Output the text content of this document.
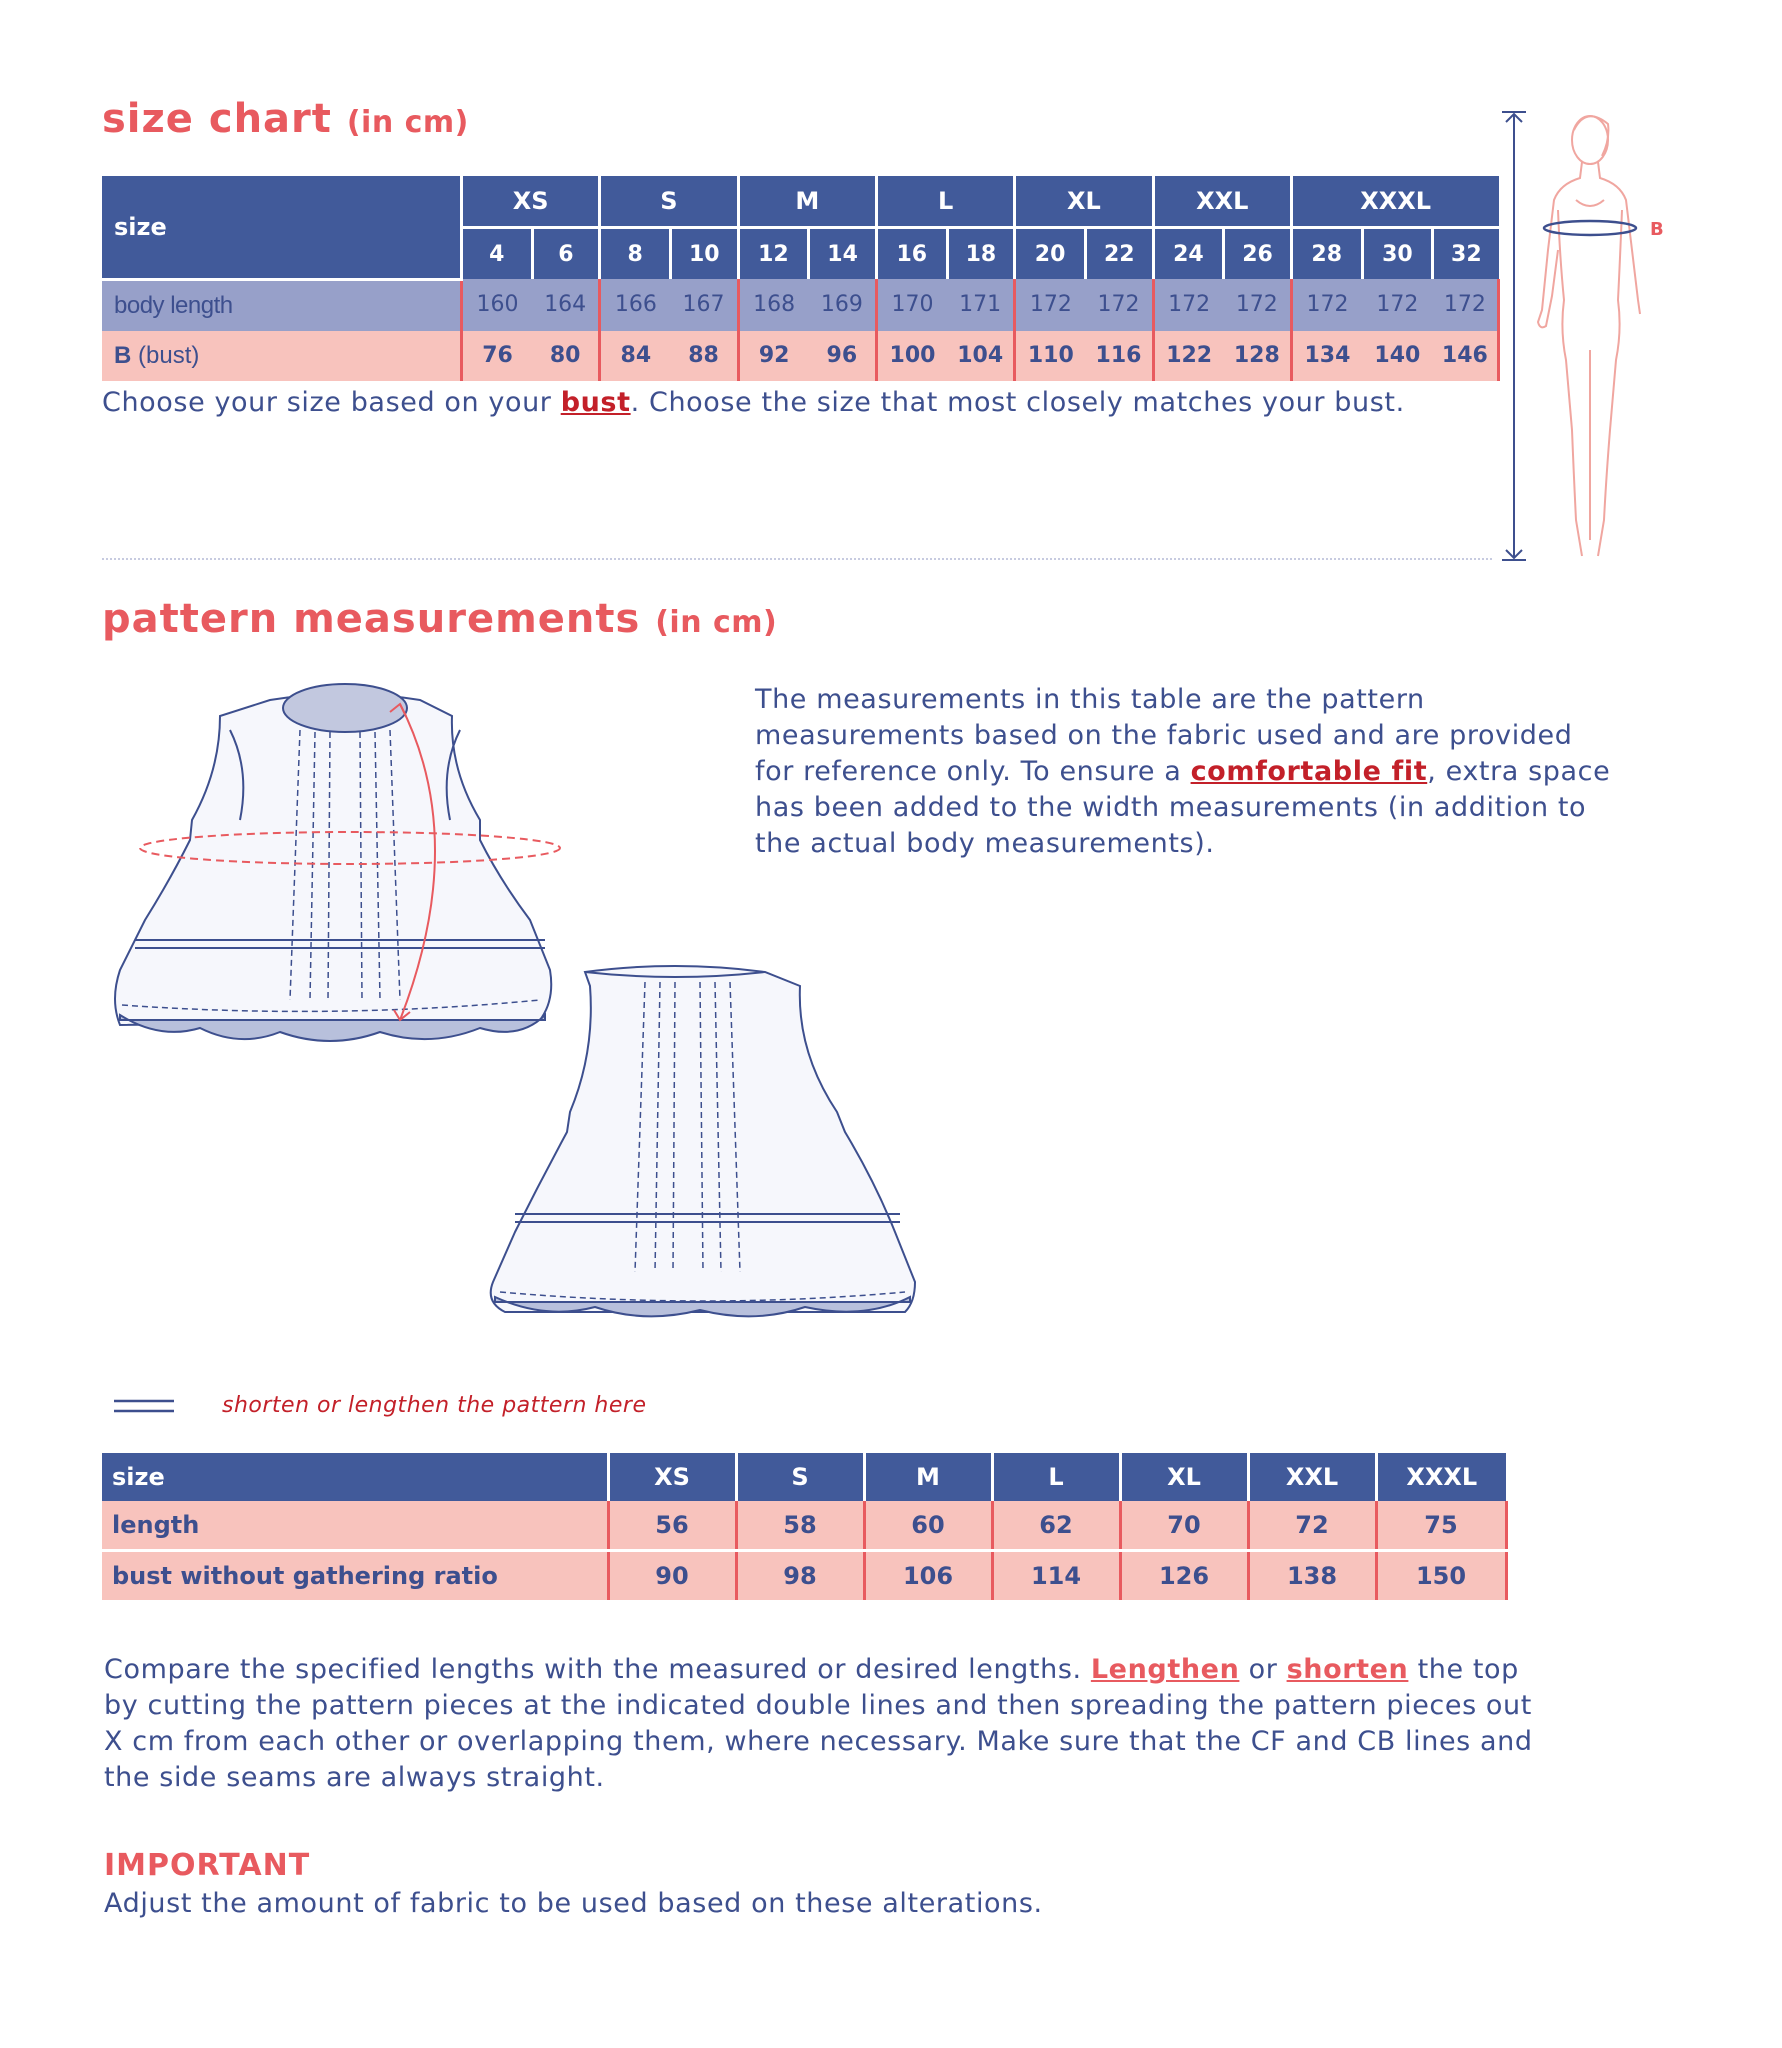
size chart (in cm)
size	XS		S		M		L		XL		XXL		XXXL		
	4	6	8	10	12	14	16	18	20	22	24	26	28	30	32
body length	160	164	166	167	168	169	170	171	172	172	172	172	172	172	172
B (bust)	76	80	84	88	92	96	100	104	110	116	122	128	134	140	146
Choose your size based on your bust. Choose the size that most closely matches your bust.
B
pattern measurements (in cm)
The measurements in this table are the pattern measurements based on the fabric used and are provided for reference only. To ensure a comfortable fit, extra space has been added to the width measurements (in addition to the actual body measurements).
shorten or lengthen the pattern here
size	XS	S	M	L	XL	XXL	XXXL
length	56	58	60	62	70	72	75
bust without gathering ratio	90	98	106	114	126	138	150
Compare the specified lengths with the measured or desired lengths. Lengthen or shorten the top by cutting the pattern pieces at the indicated double lines and then spreading the pattern pieces out X cm from each other or overlapping them, where necessary. Make sure that the CF and CB lines and the side seams are always straight.
IMPORTANT
Adjust the amount of fabric to be used based on these alterations.
